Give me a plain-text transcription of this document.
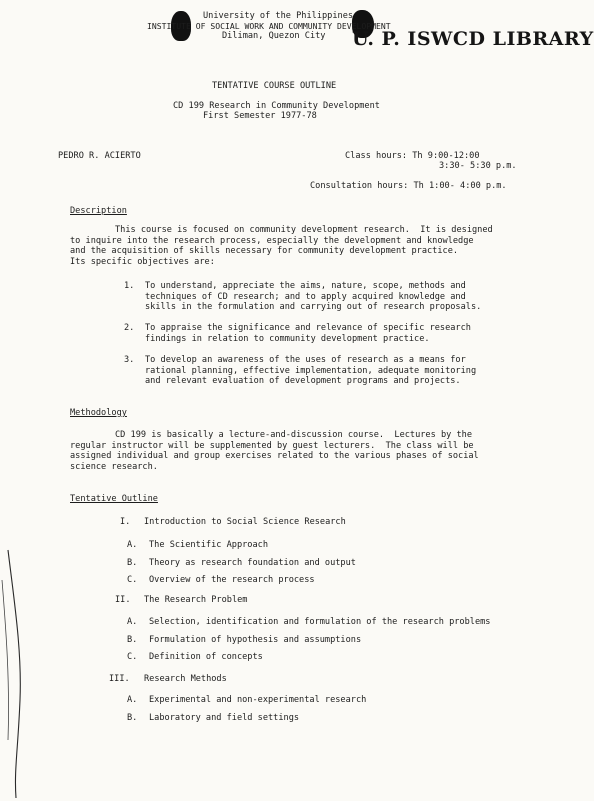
University of the Philippines
INSTITUTE OF SOCIAL WORK AND COMMUNITY DEVELOPMENT
Diliman, Quezon City U. P. ISWCD LIBRARY
TENTATIVE COURSE OUTLINE
CD 199 Research in Community Development
First Semester 1977-78
PEDRO R. ACIERTO	Class hours: Th 9:00-12:00
3:30- 5:30 p.m.
Consultation hours: Th 1:00- 4:00 p.m.
Description
This course is focused on community development research.  It is designed
to inquire into the research process, especially the development and knowledge
and the acquisition of skills necessary for community development practice.
Its specific objectives are:
1. To understand, appreciate the aims, nature, scope, methods and
techniques of CD research; and to apply acquired knowledge and
skills in the formulation and carrying out of research proposals.
2. To appraise the significance and relevance of specific research
findings in relation to community development practice.
3. To develop an awareness of the uses of research as a means for
rational planning, effective implementation, adequate monitoring
and relevant evaluation of development programs and projects.
Methodology
CD 199 is basically a lecture-and-discussion course.  Lectures by the
regular instructor will be supplemented by guest lecturers.  The class will be
assigned individual and group exercises related to the various phases of social
science research.
Tentative Outline
I. Introduction to Social Science Research
A. The Scientific Approach
B. Theory as research foundation and output
C. Overview of the research process
II. The Research Problem
A. Selection, identification and formulation of the research problems
B. Formulation of hypothesis and assumptions
C. Definition of concepts
III. Research Methods
A. Experimental and non-experimental research
B. Laboratory and field settings
